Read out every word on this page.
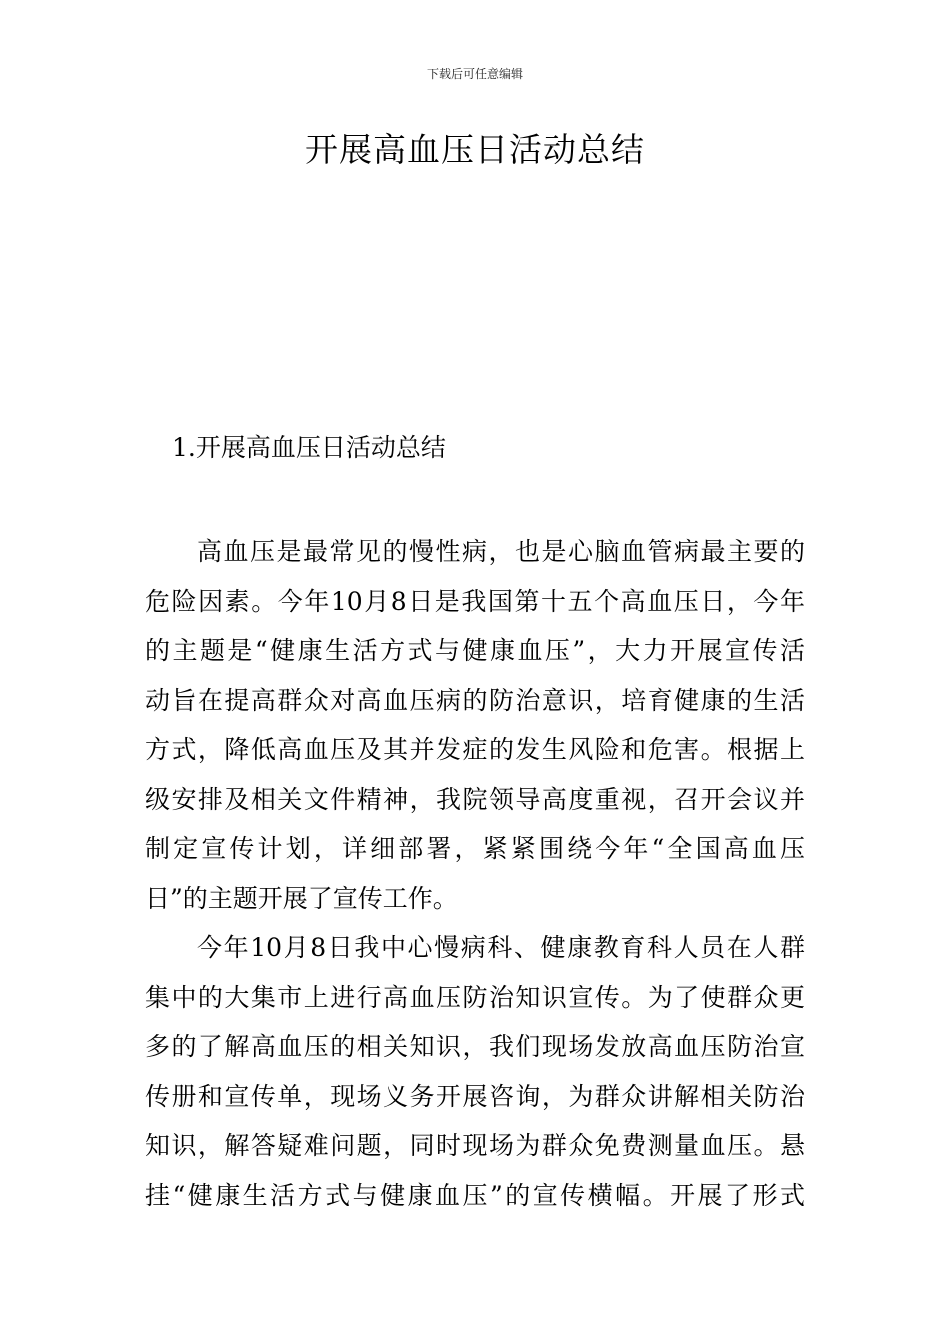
下载后可任意编辑
开展高血压日活动总结
1.开展高血压日活动总结
高血压是最常见的慢性病，也是心脑血管病最主要的
危险因素。今年10月8日是我国第十五个高血压日，今年
的主题是“健康生活方式与健康血压”，大力开展宣传活
动旨在提高群众对高血压病的防治意识，培育健康的生活
方式，降低高血压及其并发症的发生风险和危害。根据上
级安排及相关文件精神，我院领导高度重视，召开会议并
制定宣传计划，详细部署，紧紧围绕今年“全国高血压
日”的主题开展了宣传工作。
今年10月8日我中心慢病科、健康教育科人员在人群
集中的大集市上进行高血压防治知识宣传。为了使群众更
多的了解高血压的相关知识，我们现场发放高血压防治宣
传册和宣传单，现场义务开展咨询，为群众讲解相关防治
知识，解答疑难问题，同时现场为群众免费测量血压。悬
挂“健康生活方式与健康血压”的宣传横幅。开展了形式
